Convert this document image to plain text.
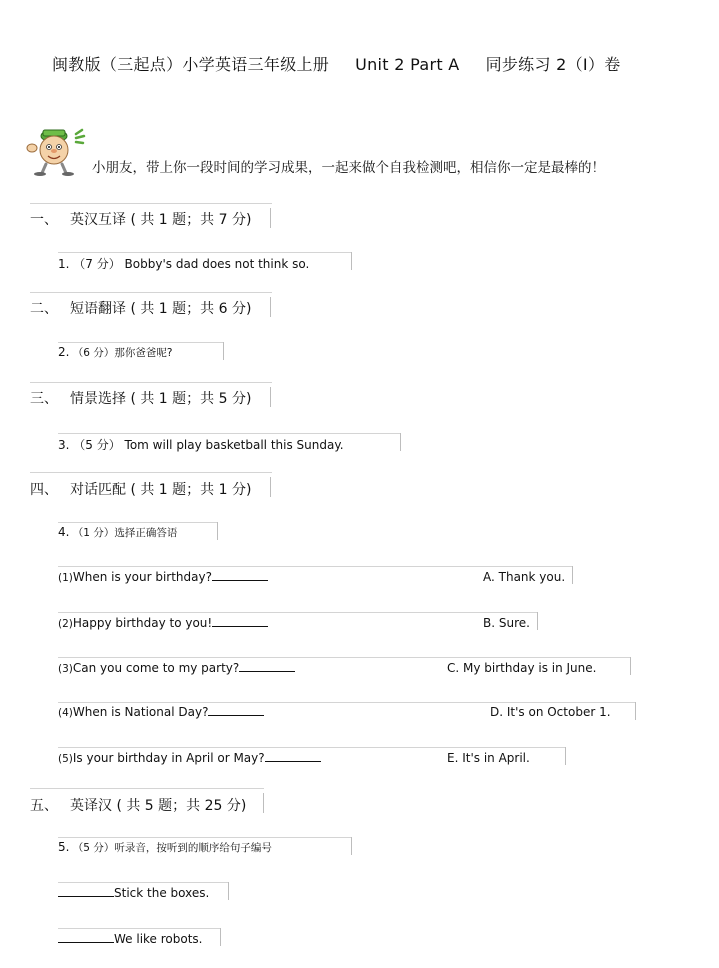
闽教版（三起点）小学英语三年级上册 Unit 2 Part A 同步练习 2（I）卷
小朋友，带上你一段时间的学习成果，一起来做个自我检测吧，相信你一定是最棒的！
一、 英汉互译 ( 共 1 题；共 7 分)
1. （7 分） Bobby's dad does not think so.
二、 短语翻译 ( 共 1 题；共 6 分)
2. （6 分）那你爸爸呢?
三、 情景选择 ( 共 1 题；共 5 分)
3. （5 分） Tom will play basketball this Sunday.
四、 对话匹配 ( 共 1 题；共 1 分)
4. （1 分）选择正确答语
(1)When is your birthday?	A. Thank you.
(2)Happy birthday to you!	B. Sure.
(3)Can you come to my party?	C. My birthday is in June.
(4)When is National Day?	D. It's on October 1.
(5)Is your birthday in April or May?	E. It's in April.
五、 英译汉 ( 共 5 题；共 25 分)
5. （5 分）听录音，按听到的顺序给句子编号
Stick the boxes.
We like robots.
